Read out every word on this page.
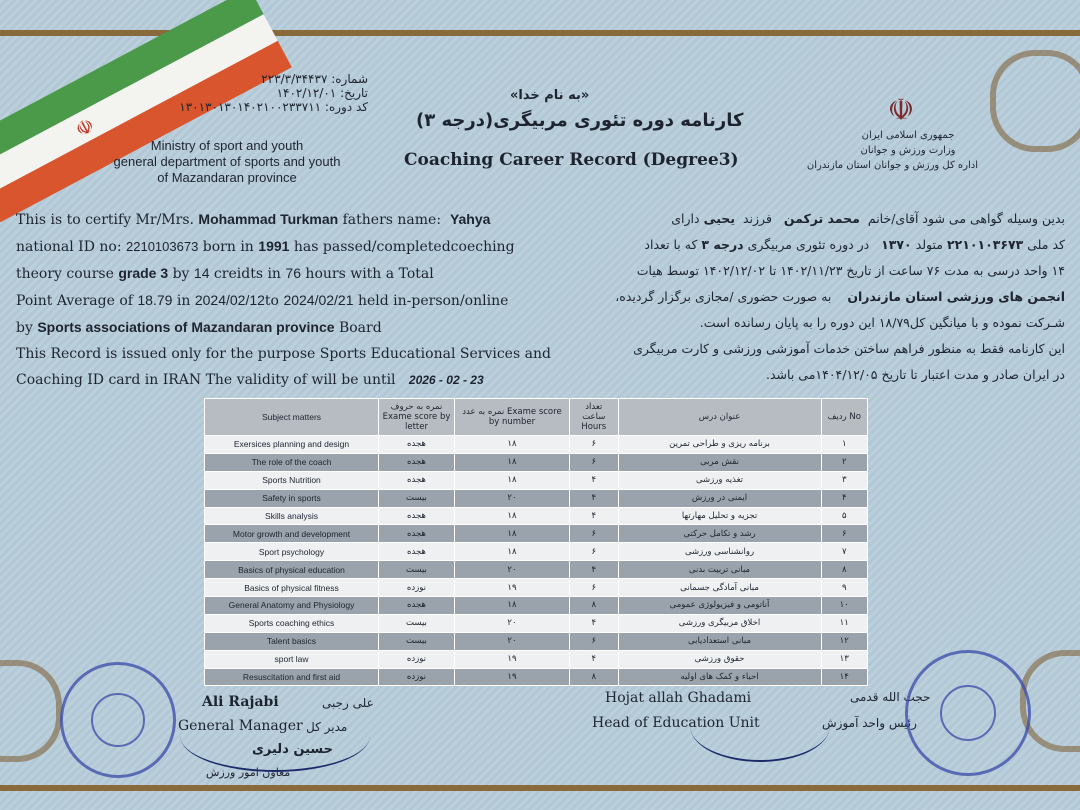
☫
شماره: ۲۲۳/۳/۳۴۴۳۷
تاریخ: ۱۴۰۲/۱۲/۰۱
کد دوره: ۱۳۰۱۳۰۱۳۰۱۴۰۲۱۰۰۲۳۳۷۱۱
Ministry of sport and youth
general department of sports and youth
of Mazandaran province
«به نام خدا»
کارنامه دوره تئوری مربیگری(درجه ۳)
Coaching Career Record (Degree3)
☫
جمهوری اسلامی ایران
وزارت ورزش و جوانان
اداره کل ورزش و جوانان استان مازندران
This is to certify Mr/Mrs. Mohammad Turkman fathers name: Yahya
national ID no: 2210103673 born in 1991 has passed/completedcoeching
theory course grade 3 by 14 creidts in 76 hours with a Total
Point Average of 18.79 in 2024/02/12to 2024/02/21 held in-person/online
by Sports associations of Mazandaran province Board
This Record is issued only for the purpose Sports Educational Services and
Coaching ID card in IRAN The validity of will be until 2026 - 02 - 23
بدین وسیله گواهی می شود آقای/خانم  محمد ترکمن   فرزند  یحیی دارای
کد ملی ۲۲۱۰۱۰۳۶۷۳ متولد ۱۳۷۰   در دوره تئوری مربیگری درجه ۳ که با تعداد
۱۴ واحد درسی به مدت ۷۶ ساعت از تاریخ ۱۴۰۲/۱۱/۲۳ تا ۱۴۰۲/۱۲/۰۲ توسط هیات
انجمن های ورزشی استان مازندران    به صورت حضوری /مجازی برگزار گردیده،
شـرکت نموده و با میانگین کل۱۸/۷۹ این دوره را به پایان رسانده است.
این کارنامه فقط به منظور فراهم ساختن خدمات آموزشی ورزشی و کارت مربیگری
در ایران صادر و مدت اعتبار تا تاریخ ۱۴۰۴/۱۲/۰۵می باشد.
Subject matters	نمره به حروف Exame score by letter	نمره به عدد Exame score by number	تعداد ساعت Hours	عنوان درس	ردیف No
Exersices planning and design	هجده	۱۸	۶	برنامه ریزی و طراحی تمرین	۱
The role of the coach	هجده	۱۸	۶	نقش مربی	۲
Sports Nutrition	هجده	۱۸	۴	تغذیه ورزشی	۳
Safety in sports	بیست	۲۰	۴	ایمنی در ورزش	۴
Skills analysis	هجده	۱۸	۴	تجزیه و تحلیل مهارتها	۵
Motor growth and development	هجده	۱۸	۶	رشد و تکامل حرکتی	۶
Sport psychology	هجده	۱۸	۶	روانشناسی ورزشی	۷
Basics of physical education	بیست	۲۰	۴	مبانی تربیت بدنی	۸
Basics of physical fitness	نوزده	۱۹	۶	مبانی آمادگی جسمانی	۹
General Anatomy and Physiology	هجده	۱۸	۸	آناتومی و فیزیولوژی عمومی	۱۰
Sports coaching ethics	بیست	۲۰	۴	اخلاق مربیگری ورزشی	۱۱
Talent basics	بیست	۲۰	۶	مبانی استعدادیابی	۱۲
sport law	نوزده	۱۹	۴	حقوق ورزشی	۱۳
Resuscitation and first aid	نوزده	۱۹	۸	احیاء و کمک های اولیه	۱۴
Ali Rajabi	علی رجبی
General Manager مدیر کل
حسین دلیری
معاون امور ورزش
Hojat allah Ghadami	حجت الله قدمی
Head of Education Unit	رئیس واحد آموزش
